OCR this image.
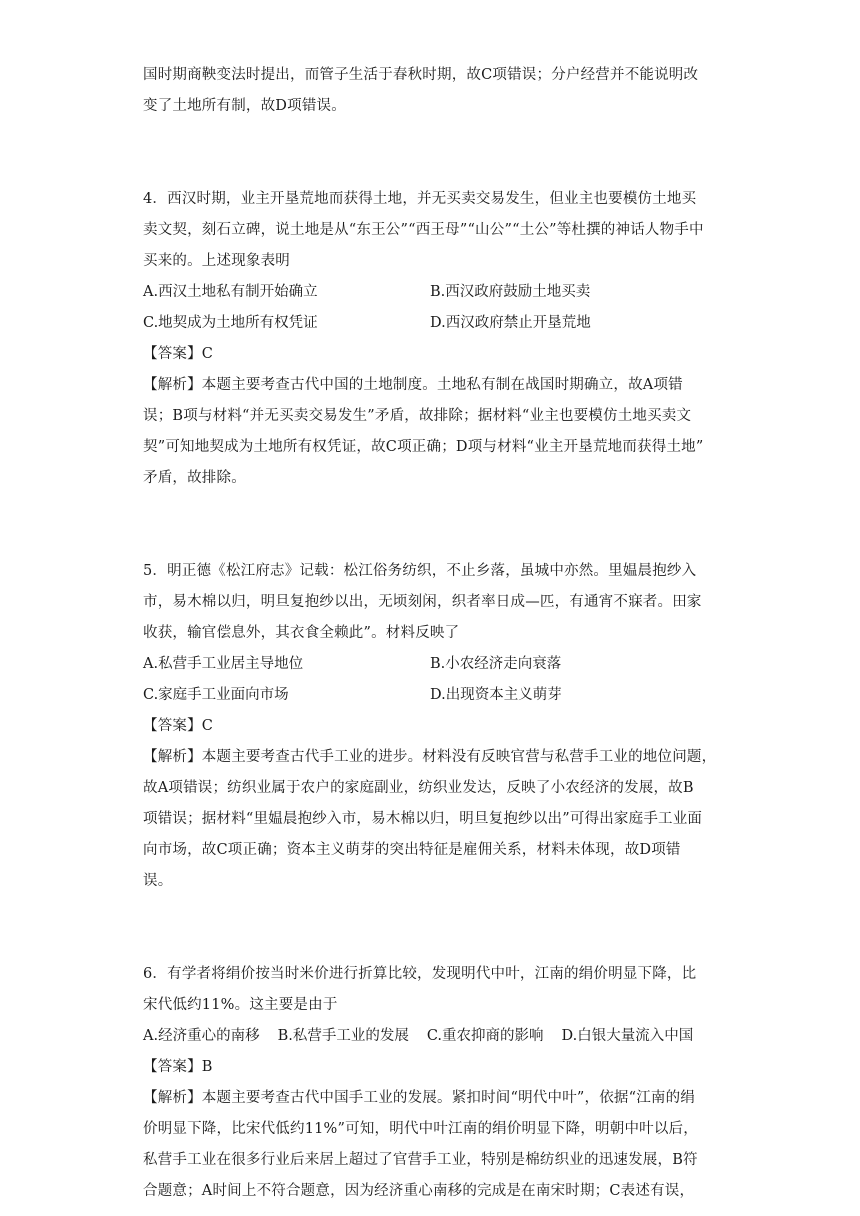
国时期商鞅变法时提出，而管子生活于春秋时期，故C项错误；分户经营并不能说明改
变了土地所有制，故D项错误。
4．西汉时期，业主开垦荒地而获得土地，并无买卖交易发生，但业主也要模仿土地买
卖文契，刻石立碑，说土地是从“东王公”“西王母”“山公”“土公”等杜撰的神话人物手中
买来的。上述现象表明
A.西汉土地私有制开始确立	B.西汉政府鼓励土地买卖
C.地契成为土地所有权凭证	D.西汉政府禁止开垦荒地
【答案】C
【解析】本题主要考查古代中国的土地制度。土地私有制在战国时期确立，故A项错
误；B项与材料“并无买卖交易发生”矛盾，故排除；据材料“业主也要模仿土地买卖文
契”可知地契成为土地所有权凭证，故C项正确；D项与材料“业主开垦荒地而获得土地”
矛盾，故排除。
5．明正德《松江府志》记载：松江俗务纺织，不止乡落，虽城中亦然。里媪晨抱纱入
市，易木棉以归，明旦复抱纱以出，无顷刻闲，织者率日成—匹，有通宵不寐者。田家
收获，输官偿息外，其衣食全赖此”。材料反映了
A.私营手工业居主导地位	B.小农经济走向衰落
C.家庭手工业面向市场	D.出现资本主义萌芽
【答案】C
【解析】本题主要考查古代手工业的进步。材料没有反映官营与私营手工业的地位问题，
故A项错误；纺织业属于农户的家庭副业，纺织业发达，反映了小农经济的发展，故B
项错误；据材料“里媪晨抱纱入市，易木棉以归，明旦复抱纱以出”可得出家庭手工业面
向市场，故C项正确；资本主义萌芽的突出特征是雇佣关系，材料未体现，故D项错
误。
6．有学者将绢价按当时米价进行折算比较，发现明代中叶，江南的绢价明显下降，比
宋代低约11%。这主要是由于
A.经济重心的南移 B.私营手工业的发展 C.重农抑商的影响 D.白银大量流入中国
【答案】B
【解析】本题主要考查古代中国手工业的发展。紧扣时间“明代中叶”，依据“江南的绢
价明显下降，比宋代低约11%”可知，明代中叶江南的绢价明显下降，明朝中叶以后，
私营手工业在很多行业后来居上超过了官营手工业，特别是棉纺织业的迅速发展，B符
合题意；A时间上不符合题意，因为经济重心南移的完成是在南宋时期；C表述有误，
